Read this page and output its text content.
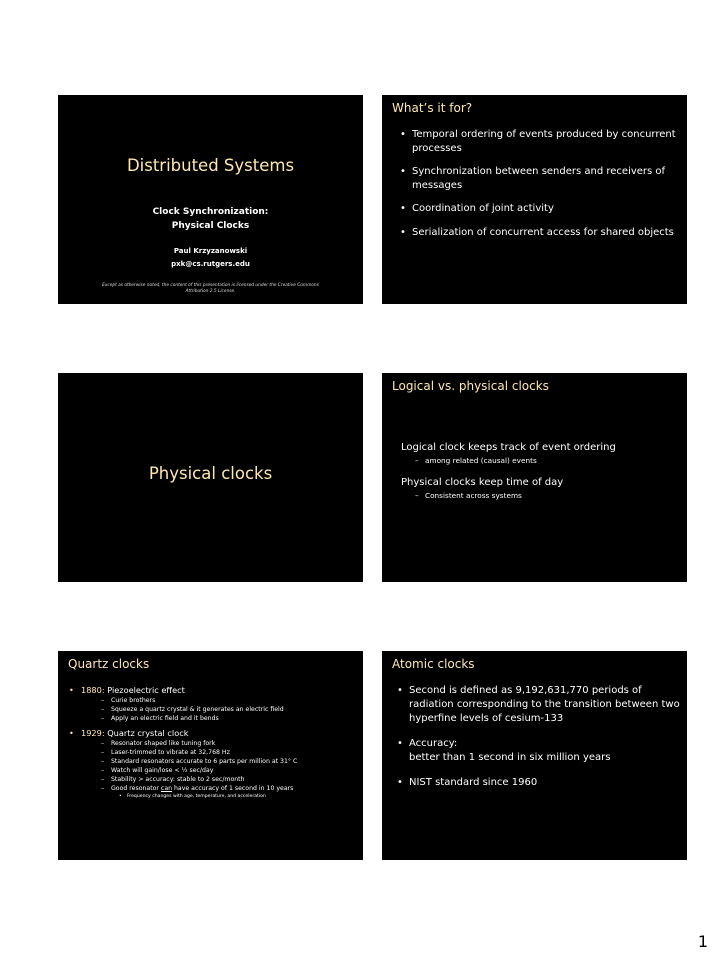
Distributed Systems
Clock Synchronization:
Physical Clocks
Paul Krzyzanowski
pxk@cs.rutgers.edu
Except as otherwise noted, the content of this presentation is licensed under the Creative Commons
Attribution 2.5 License.
What’s it for?
• Temporal ordering of events produced by concurrent processes
• Synchronization between senders and receivers of messages
• Coordination of joint activity
• Serialization of concurrent access for shared objects
Physical clocks
Logical vs. physical clocks
Logical clock keeps track of event ordering
– among related (causal) events
Physical clocks keep time of day
– Consistent across systems
Quartz clocks
• 1880: Piezoelectric effect
– Curie brothers
– Squeeze a quartz crystal & it generates an electric field
– Apply an electric field and it bends
• 1929: Quartz crystal clock
– Resonator shaped like tuning fork
– Laser-trimmed to vibrate at 32,768 Hz
– Standard resonators accurate to 6 parts per million at 31° C
– Watch will gain/lose < ½ sec/day
– Stability > accuracy: stable to 2 sec/month
– Good resonator can have accuracy of 1 second in 10 years
• Frequency changes with age, temperature, and acceleration
Atomic clocks
• Second is defined as 9,192,631,770 periods of radiation corresponding to the transition between two hyperfine levels of cesium-133
• Accuracy:
better than 1 second in six million years
• NIST standard since 1960
1
